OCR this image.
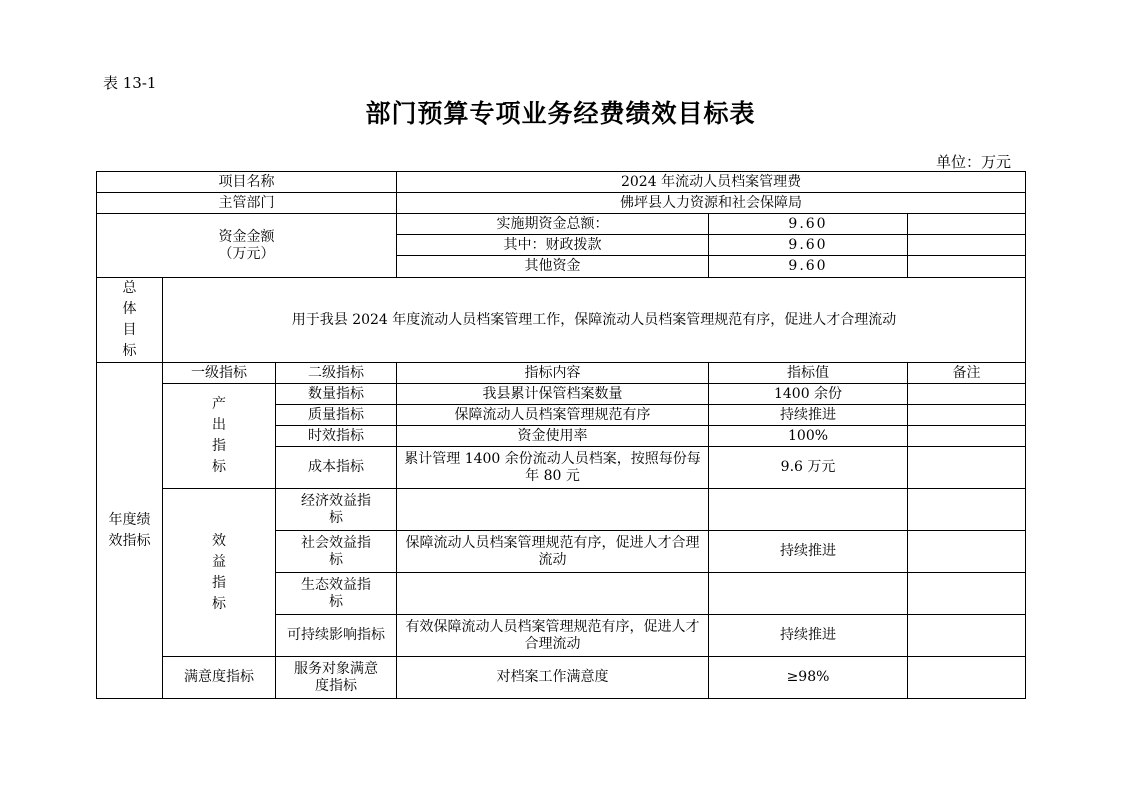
表 13-1
部门预算专项业务经费绩效目标表
单位：万元
项目名称			2024 年流动人员档案管理费		
主管部门			佛坪县人力资源和社会保障局		

资金金额
（万元）			实施期资金总额：	9.60	
			其中：财政拨款	9.60	
			其他资金	9.60	
总体目标	用于我县 2024 年度流动人员档案管理工作，保障流动人员档案管理规范有序，促进人才合理流动				
年度绩效指标	一级指标	二级指标	指标内容	指标值	备注
	产出指标	数量指标	我县累计保管档案数量	1400 余份	
		质量指标	保障流动人员档案管理规范有序	持续推进	
		时效指标	资金使用率	100%	
		成本指标	累计管理 1400 余份流动人员档案，按照每份每年 80 元	9.6 万元	
	效益指标	经济效益指标			
		社会效益指标	保障流动人员档案管理规范有序，促进人才合理流动	持续推进	
		生态效益指标			
		可持续影响指标	有效保障流动人员档案管理规范有序，促进人才合理流动	持续推进	
	满意度指标	服务对象满意度指标	对档案工作满意度	≥98%	
